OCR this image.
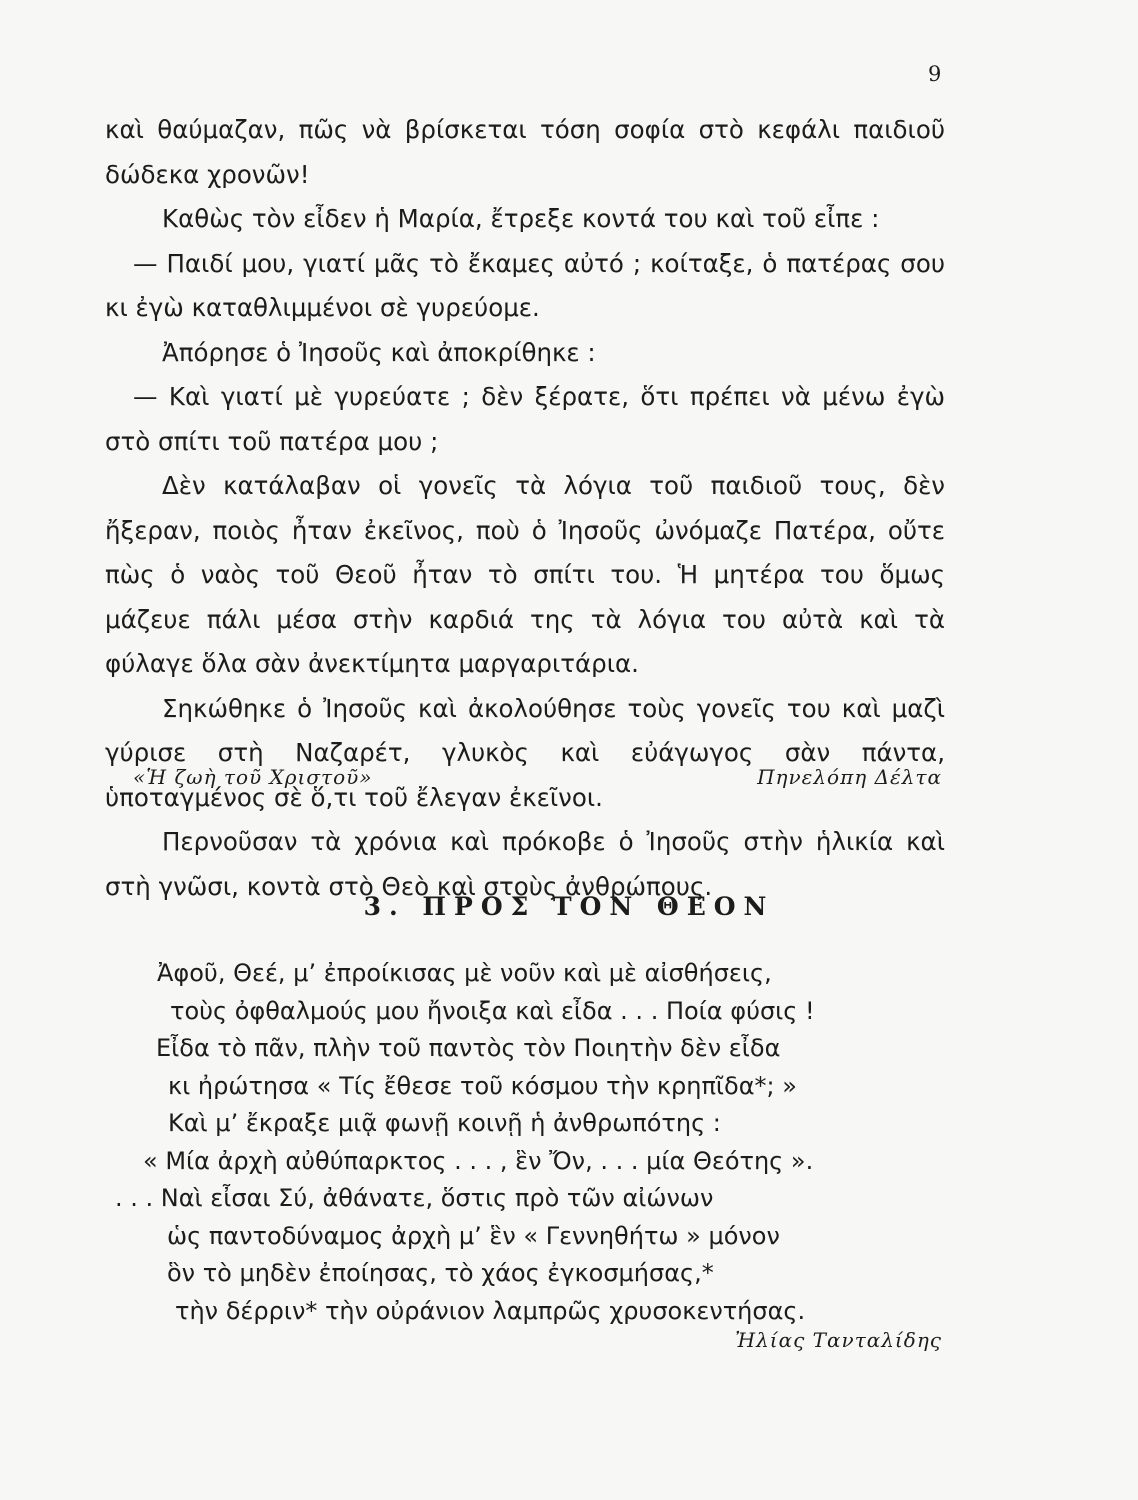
9

καὶ θαύμαζαν, πῶς νὰ βρίσκεται τόση σοφία στὸ κεφάλι παιδιοῦ δώδεκα χρονῶν!

Καθὼς τὸν εἶδεν ἡ Μαρία, ἔτρεξε κοντά του καὶ τοῦ εἶπε :

— Παιδί μου, γιατί μᾶς τὸ ἔκαμες αὐτό ; κοίταξε, ὁ πατέρας σου κι ἐγὼ καταθλιμμένοι σὲ γυρεύομε.

Ἀπόρησε ὁ Ἰησοῦς καὶ ἀποκρίθηκε :

— Καὶ γιατί μὲ γυρεύατε ; δὲν ξέρατε, ὅτι πρέπει νὰ μένω ἐγὼ στὸ σπίτι τοῦ πατέρα μου ;

Δὲν κατάλαβαν οἱ γονεῖς τὰ λόγια τοῦ παιδιοῦ τους, δὲν ἤξεραν, ποιὸς ἦταν ἐκεῖνος, ποὺ ὁ Ἰησοῦς ὠνόμαζε Πατέρα, οὔτε πὼς ὁ ναὸς τοῦ Θεοῦ ἦταν τὸ σπίτι του. Ἡ μητέρα του ὅμως μάζευε πάλι μέσα στὴν καρδιά της τὰ λόγια του αὐτὰ καὶ τὰ φύλαγε ὅλα σὰν ἀνεκτίμητα μαργαριτάρια.

Σηκώθηκε ὁ Ἰησοῦς καὶ ἀκολούθησε τοὺς γονεῖς του καὶ μαζὶ γύρισε στὴ Ναζαρέτ, γλυκὸς καὶ εὐάγωγος σὰν πάντα, ὑποταγμένος σὲ ὅ,τι τοῦ ἔλεγαν ἐκεῖνοι.

Περνοῦσαν τὰ χρόνια καὶ πρόκοβε ὁ Ἰησοῦς στὴν ἡλικία καὶ στὴ γνῶσι, κοντὰ στὸ Θεὸ καὶ στοὺς ἀνθρώπους.

«Ἡ ζωὴ τοῦ Χριστοῦ»	Πηνελόπη Δέλτα
3. ΠΡΟΣ ΤΟΝ ΘΕΟΝ
Ἀφοῦ, Θεέ, μ’ ἐπροίκισας μὲ νοῦν καὶ μὲ αἰσθήσεις,
τοὺς ὀφθαλμούς μου ἤνοιξα καὶ εἶδα . . . Ποία φύσις !
Εἶδα τὸ πᾶν, πλὴν τοῦ παντὸς τὸν Ποιητὴν δὲν εἶδα
κι ἠρώτησα « Τίς ἔθεσε τοῦ κόσμου τὴν κρηπῖδα*; »
Καὶ μ’ ἔκραξε μιᾷ φωνῇ κοινῇ ἡ ἀνθρωπότης :
« Μία ἀρχὴ αὐθύπαρκτος . . . , ἓν Ὄν, . . . μία Θεότης ».
. . . Ναὶ εἶσαι Σύ, ἀθάνατε, ὅστις πρὸ τῶν αἰώνων
ὡς παντοδύναμος ἀρχὴ μ’ ἓν « Γεννηθήτω » μόνον
ὃν τὸ μηδὲν ἐποίησας, τὸ χάος ἐγκοσμήσας,*
τὴν δέρριν* τὴν οὐράνιον λαμπρῶς χρυσοκεντήσας.
Ἠλίας Τανταλίδης
